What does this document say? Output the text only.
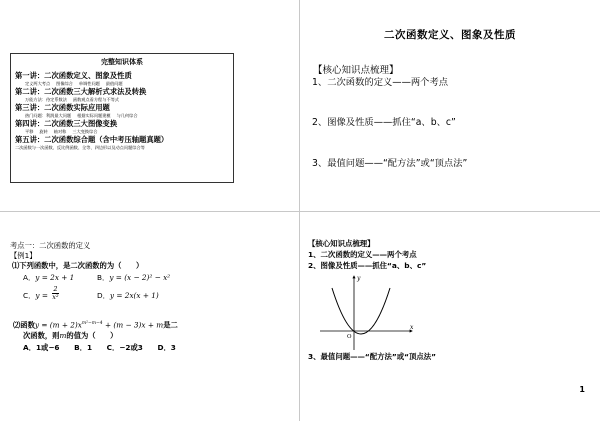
完整知识体系
第一讲：二次函数定义、图象及性质
定义两大考点 图像综合 单调性问题 最值问题
第二讲：二次函数三大解析式求法及转换
万能方法：待定系数法 函数观点看方程与不等式
第三讲：二次函数实际应用题
热门问题：利润最大问题 根据实际问题建模 与几何综合
第四讲：二次函数三大图像变换
平移 旋转 轴对称 三大变换综合
第五讲：二次函数综合题（含中考压轴题真题）
二次函数与一次函数、反比例函数、全等、四边形以及动点问题综合等
二次函数定义、图象及性质
【核心知识点梳理】
1、二次函数的定义——两个考点
2、图像及性质——抓住“a、b、c”
3、最值问题——“配方法”或“顶点法”
考点一：二次函数的定义
【例1】
⑴下列函数中，是二次函数的为（　　）
A．y = 2x + 1	B．y = (x − 2)² − x²
C．$y = \frac{2}{\text{x²}}$	D．y = 2x(x + 1)
⑵函数$y = (m + 2)x^{m^2-m-4} + (m - 3)x + m$是二
次函数，则m的值为（　　）
A．1或−6　　B．1　　C．−2或3　　D．3
【核心知识点梳理】
1、二次函数的定义——两个考点
2、图像及性质——抓住“a、b、c”
x
y
O
3、最值问题——“配方法”或“顶点法”
1
